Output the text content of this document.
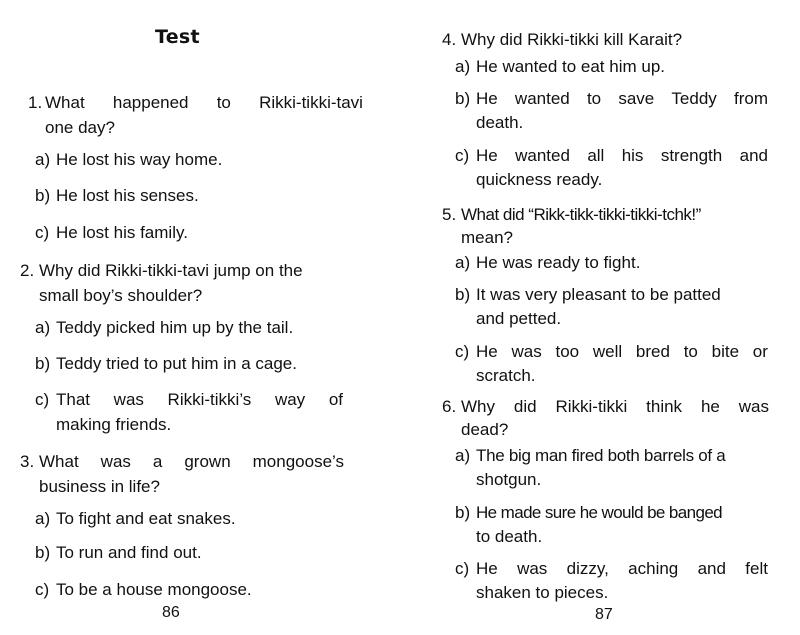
Test
1. What happened to Rikki-tikki-tavi
one day?
a) He lost his way home.
b) He lost his senses.
c) He lost his family.
2. Why did Rikki-tikki-tavi jump on the
small boy’s shoulder?
a) Teddy picked him up by the tail.
b) Teddy tried to put him in a cage.
c) That was Rikki-tikki’s way of
making friends.
3. What was a grown mongoose’s
business in life?
a) To fight and eat snakes.
b) To run and find out.
c) To be a house mongoose.
86
4. Why did Rikki-tikki kill Karait?
a) He wanted to eat him up.
b) He wanted to save Teddy from
death.
c) He wanted all his strength and
quickness ready.
5. What did “Rikk-tikk-tikki-tikki-tchk!”
mean?
a) He was ready to fight.
b) It was very pleasant to be patted
and petted.
c) He was too well bred to bite or
scratch.
6. Why did Rikki-tikki think he was
dead?
a) The big man fired both barrels of a
shotgun.
b) He made sure he would be banged
to death.
c) He was dizzy, aching and felt
shaken to pieces.
87
